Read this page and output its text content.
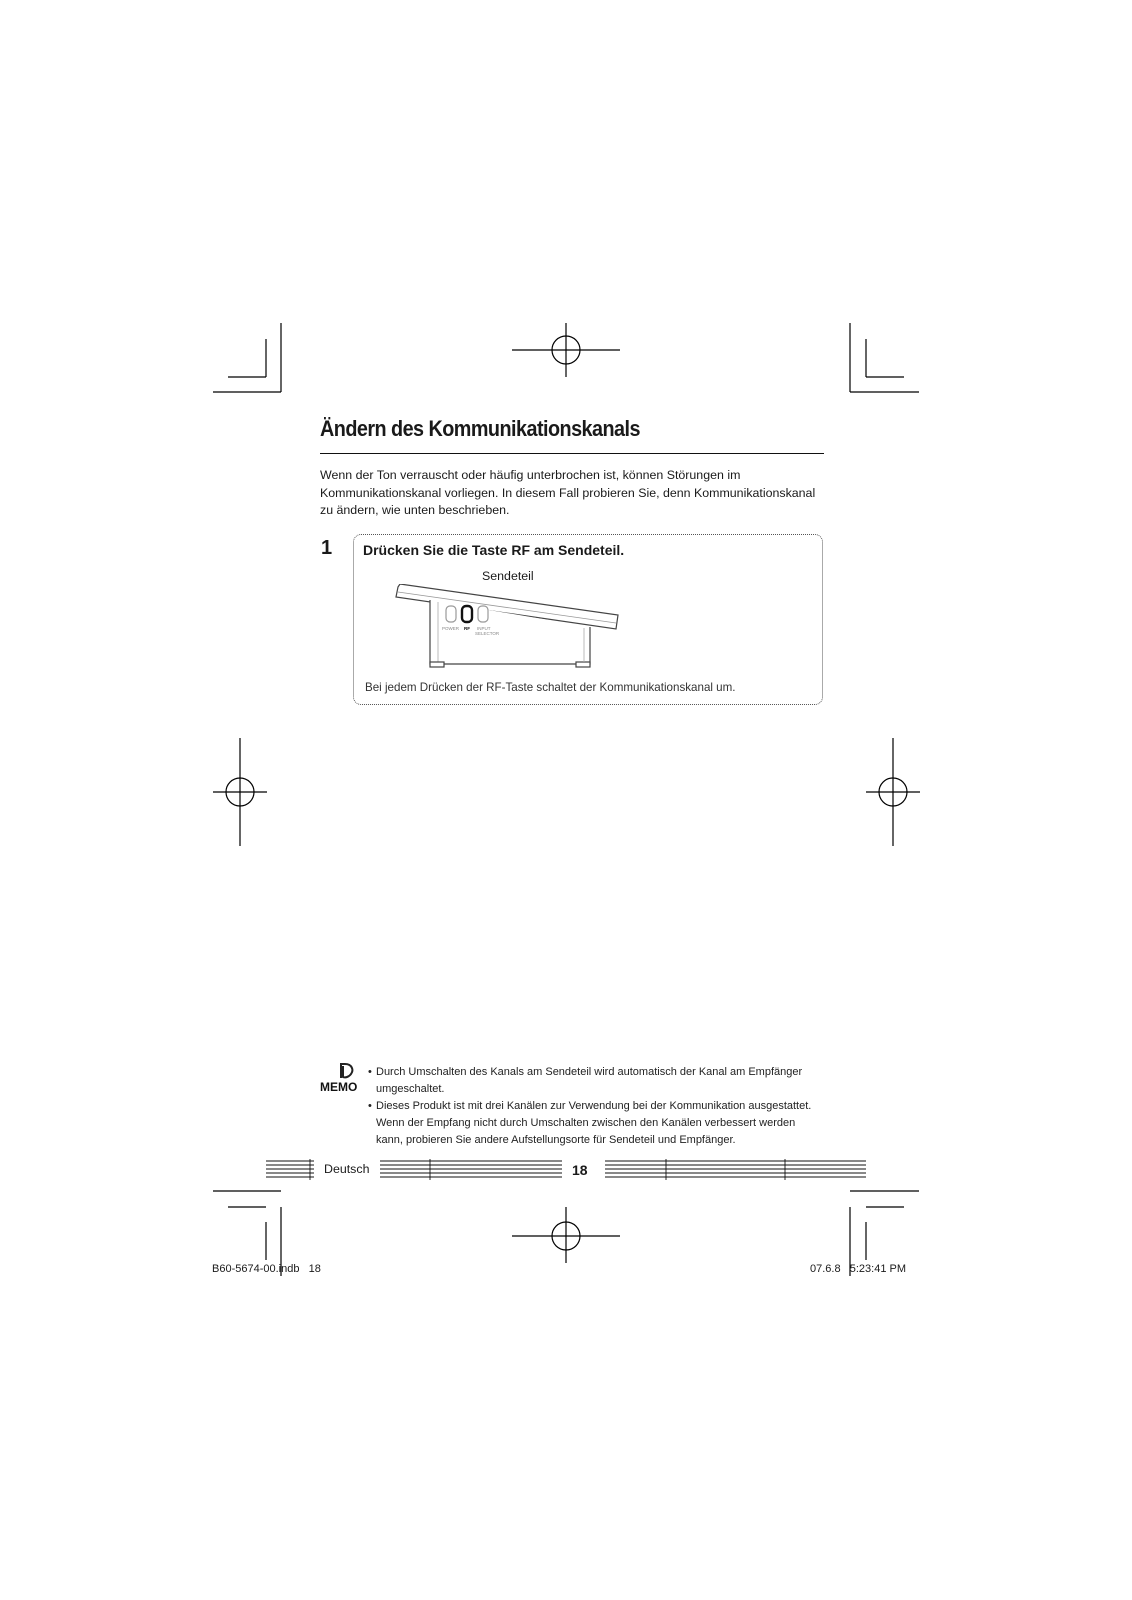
Ändern des Kommunikationskanals

Wenn der Ton verrauscht oder häufig unterbrochen ist, können Störungen im

Kommunikationskanal vorliegen. In diesem Fall probieren Sie, denn Kommunikationskanal

zu ändern, wie unten beschrieben.

1 Drücken Sie die Taste RF am Sendeteil.
Sendeteil
POWER RF INPUT
SELECTOR
Bei jedem Drücken der RF-Taste schaltet der Kommunikationskanal um.
MEMO
• Durch Umschalten des Kanals am Sendeteil wird automatisch der Kanal am Empfänger
umgeschaltet.
• Dieses Produkt ist mit drei Kanälen zur Verwendung bei der Kommunikation ausgestattet.
Wenn der Empfang nicht durch Umschalten zwischen den Kanälen verbessert werden
kann, probieren Sie andere Aufstellungsorte für Sendeteil und Empfänger.
Deutsch	18
B60-5674-00.indb   18	07.6.8   5:23:41 PM
